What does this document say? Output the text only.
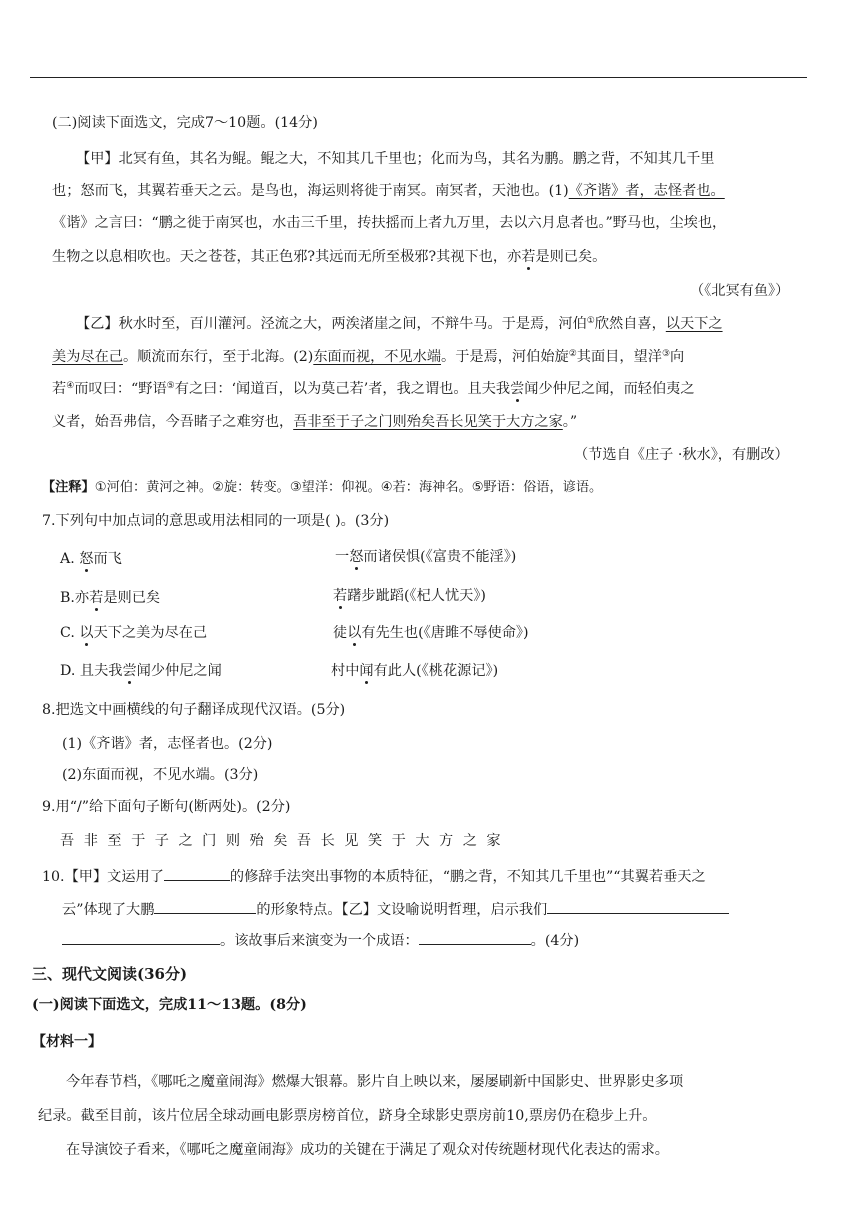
(二)阅读下面选文，完成7～10题。(14分)
【甲】北冥有鱼，其名为鲲。鲲之大，不知其几千里也；化而为鸟，其名为鹏。鹏之背，不知其几千里
也；怒而飞，其翼若垂天之云。是鸟也，海运则将徙于南冥。南冥者，天池也。(1)《齐谐》者，志怪者也。
《谐》之言曰：“鹏之徙于南冥也，水击三千里，抟扶摇而上者九万里，去以六月息者也。”野马也，尘埃也，
生物之以息相吹也。天之苍苍，其正色邪?其远而无所至极邪?其视下也，亦若是则已矣。
（《北冥有鱼》）
【乙】秋水时至，百川灌河。泾流之大，两涘渚崖之间，不辩牛马。于是焉，河伯①欣然自喜，以天下之
美为尽在己。顺流而东行，至于北海。(2)东面而视，不见水端。于是焉，河伯始旋②其面目，望洋③向
若④而叹曰：“野语⑤有之曰：‘闻道百，以为莫己若’者，我之谓也。且夫我尝闻少仲尼之闻，而轻伯夷之
义者，始吾弗信，今吾睹子之难穷也，吾非至于子之门则殆矣吾长见笑于大方之家。”
（节选自《庄子 ·秋水》，有删改）
【注释】①河伯：黄河之神。②旋：转变。③望洋：仰视。④若：海神名。⑤野语：俗语，谚语。
7.下列句中加点词的意思或用法相同的一项是( )。(3分)
A. 怒而飞	一怒而诸侯惧(《富贵不能淫》)
B.亦若是则已矣	若躇步跐蹈(《杞人忧天》)
C. 以天下之美为尽在己	徒以有先生也(《唐雎不辱使命》)
D. 且夫我尝闻少仲尼之闻	村中闻有此人(《桃花源记》)
8.把选文中画横线的句子翻译成现代汉语。(5分)
(1)《齐谐》者，志怪者也。(2分)
(2)东面而视，不见水端。(3分)
9.用“/”给下面句子断句(断两处)。(2分)
吾非至于子之门则殆矣吾长见笑于大方之家
10.【甲】文运用了	的修辞手法突出事物的本质特征，“鹏之背，不知其几千里也”“其翼若垂天之
云”体现了大鹏	的形象特点。【乙】文设喻说明哲理，启示我们
。该故事后来演变为一个成语：	。(4分)
三、现代文阅读(36分)
(一)阅读下面选文，完成11～13题。(8分)
【材料一】
今年春节档，《哪吒之魔童闹海》燃爆大银幕。影片自上映以来，屡屡刷新中国影史、世界影史多项
纪录。截至目前，该片位居全球动画电影票房榜首位，跻身全球影史票房前10,票房仍在稳步上升。
在导演饺子看来，《哪吒之魔童闹海》成功的关键在于满足了观众对传统题材现代化表达的需求。
